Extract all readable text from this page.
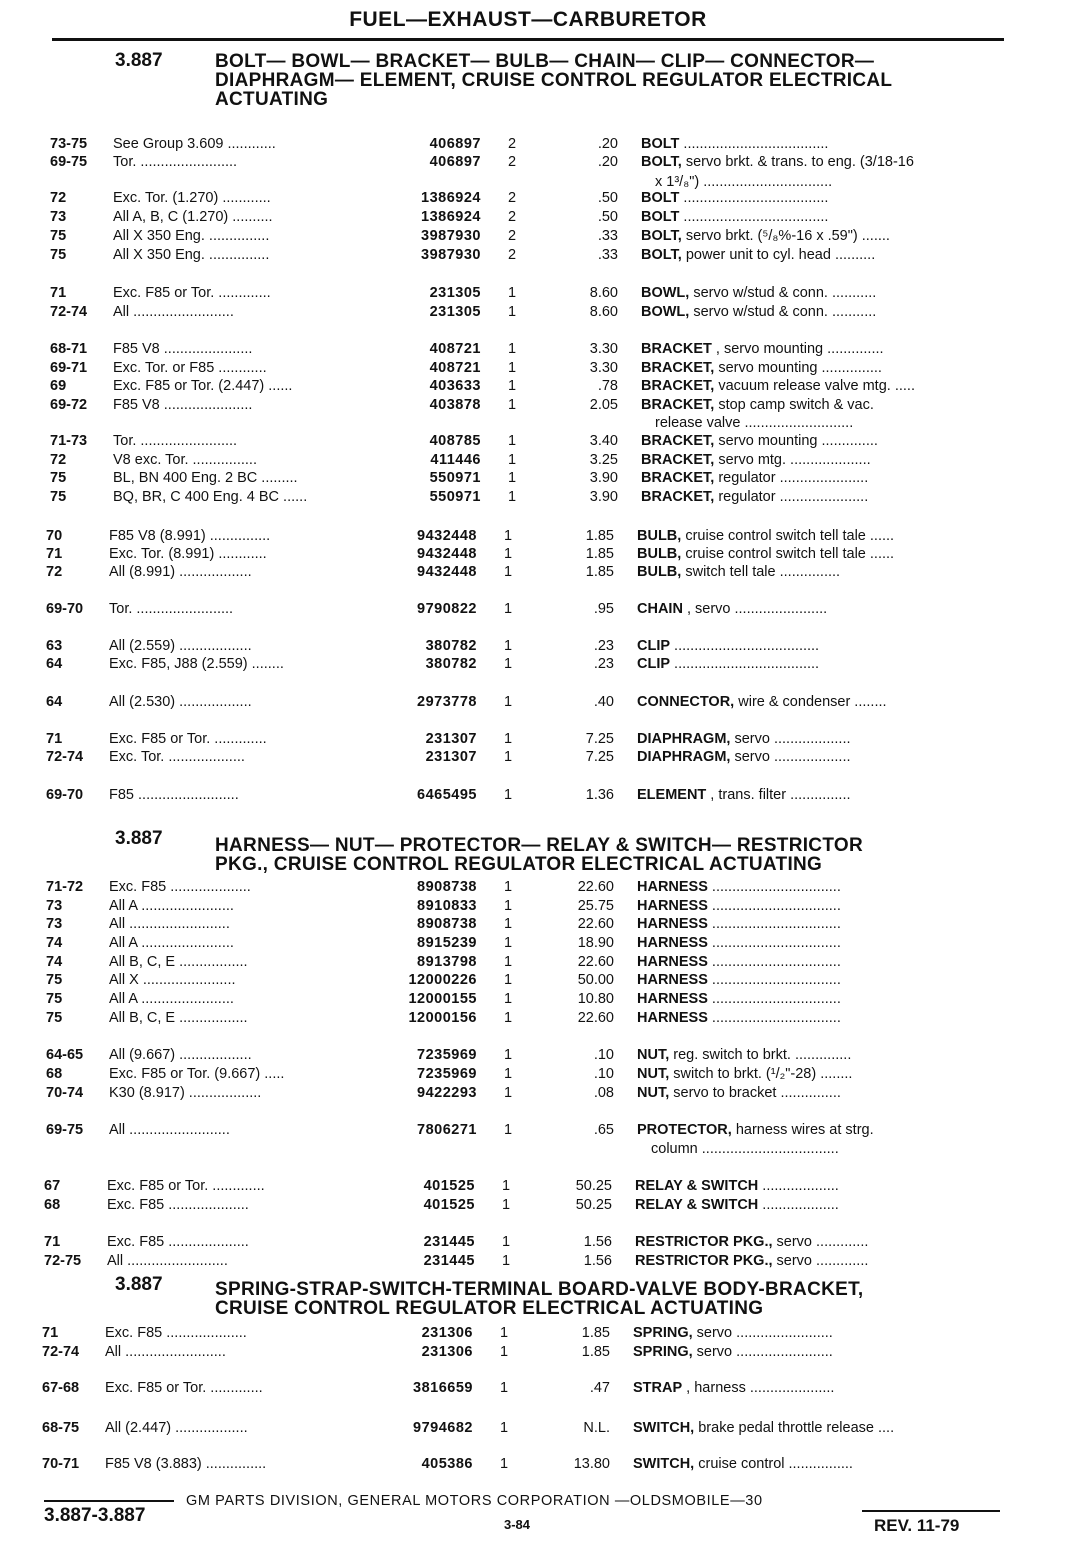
FUEL—EXHAUST—CARBURETOR
3.887	BOLT— BOWL— BRACKET— BULB— CHAIN— CLIP— CONNECTOR—
DIAPHRAGM— ELEMENT, CRUISE CONTROL REGULATOR ELECTRICAL
ACTUATING
3.887	HARNESS— NUT— PROTECTOR— RELAY & SWITCH— RESTRICTOR
PKG., CRUISE CONTROL REGULATOR ELECTRICAL ACTUATING
3.887	SPRING-STRAP-SWITCH-TERMINAL BOARD-VALVE BODY-BRACKET,
CRUISE CONTROL REGULATOR ELECTRICAL ACTUATING
73-75	See Group 3.609 ............	406897	2	.20 BOLT ....................................
69-75	Tor. ........................	406897	2	.20 BOLT, servo brkt. & trans. to eng. (3/18-16
x 1³/₈") ................................
72	Exc. Tor. (1.270) ............	1386924	2	.50 BOLT ....................................
73	All A, B, C (1.270) ..........	1386924	2	.50 BOLT ....................................
75	All X 350 Eng. ...............	3987930	2	.33 BOLT, servo brkt. (⁵/₈%-16 x .59") .......
75	All X 350 Eng. ...............	3987930	2	.33 BOLT, power unit to cyl. head ..........
71	Exc. F85 or Tor. .............	231305	1	8.60 BOWL, servo w/stud & conn. ...........
72-74	All .........................	231305	1	8.60 BOWL, servo w/stud & conn. ...........
68-71	F85 V8 ......................	408721	1	3.30 BRACKET , servo mounting ..............
69-71	Exc. Tor. or F85 ............	408721	1	3.30 BRACKET, servo mounting ...............
69	Exc. F85 or Tor. (2.447) ......	403633	1	.78 BRACKET, vacuum release valve mtg. .....
69-72	F85 V8 ......................	403878	1	2.05 BRACKET, stop camp switch & vac.
release valve ...........................
71-73	Tor. ........................	408785	1	3.40 BRACKET, servo mounting ..............
72	V8 exc. Tor. ................	411446	1	3.25 BRACKET, servo mtg. ....................
75	BL, BN 400 Eng. 2 BC .........	550971	1	3.90 BRACKET, regulator ......................
75	BQ, BR, C 400 Eng. 4 BC ......	550971	1	3.90 BRACKET, regulator ......................
70	F85 V8 (8.991) ...............	9432448	1	1.85 BULB, cruise control switch tell tale ......
71	Exc. Tor. (8.991) ............	9432448	1	1.85 BULB, cruise control switch tell tale ......
72	All (8.991) ..................	9432448	1	1.85 BULB, switch tell tale ...............
69-70	Tor. ........................	9790822	1	.95 CHAIN , servo .......................
63	All (2.559) ..................	380782	1	.23 CLIP ....................................
64	Exc. F85, J88 (2.559) ........	380782	1	.23 CLIP ....................................
64	All (2.530) ..................	2973778	1	.40 CONNECTOR, wire & condenser ........
71	Exc. F85 or Tor. .............	231307	1	7.25 DIAPHRAGM, servo ...................
72-74	Exc. Tor. ...................	231307	1	7.25 DIAPHRAGM, servo ...................
69-70	F85 .........................	6465495	1	1.36 ELEMENT , trans. filter ...............
71-72	Exc. F85 ....................	8908738	1	22.60 HARNESS ................................
73	All A .......................	8910833	1	25.75 HARNESS ................................
73	All .........................	8908738	1	22.60 HARNESS ................................
74	All A .......................	8915239	1	18.90 HARNESS ................................
74	All B, C, E .................	8913798	1	22.60 HARNESS ................................
75	All X .......................	12000226	1	50.00 HARNESS ................................
75	All A .......................	12000155	1	10.80 HARNESS ................................
75	All B, C, E .................	12000156	1	22.60 HARNESS ................................
64-65	All (9.667) ..................	7235969	1	.10 NUT, reg. switch to brkt. ..............
68	Exc. F85 or Tor. (9.667) .....	7235969	1	.10 NUT, switch to brkt. (¹/₂"-28) ........
70-74	K30 (8.917) ..................	9422293	1	.08 NUT, servo to bracket ...............
69-75	All .........................	7806271	1	.65 PROTECTOR, harness wires at strg.
column ..................................
67	Exc. F85 or Tor. .............	401525	1	50.25 RELAY & SWITCH ...................
68	Exc. F85 ....................	401525	1	50.25 RELAY & SWITCH ...................
71	Exc. F85 ....................	231445	1	1.56 RESTRICTOR PKG., servo .............
72-75	All .........................	231445	1	1.56 RESTRICTOR PKG., servo .............
71	Exc. F85 ....................	231306	1	1.85 SPRING, servo ........................
72-74	All .........................	231306	1	1.85 SPRING, servo ........................
67-68	Exc. F85 or Tor. .............	3816659	1	.47 STRAP , harness .....................
68-75	All (2.447) ..................	9794682	1	N.L. SWITCH, brake pedal throttle release ....
70-71	F85 V8 (3.883) ...............	405386	1	13.80 SWITCH, cruise control ................
3.887-3.887
GM PARTS DIVISION, GENERAL MOTORS CORPORATION —OLDSMOBILE—30
3-84	REV. 11-79
